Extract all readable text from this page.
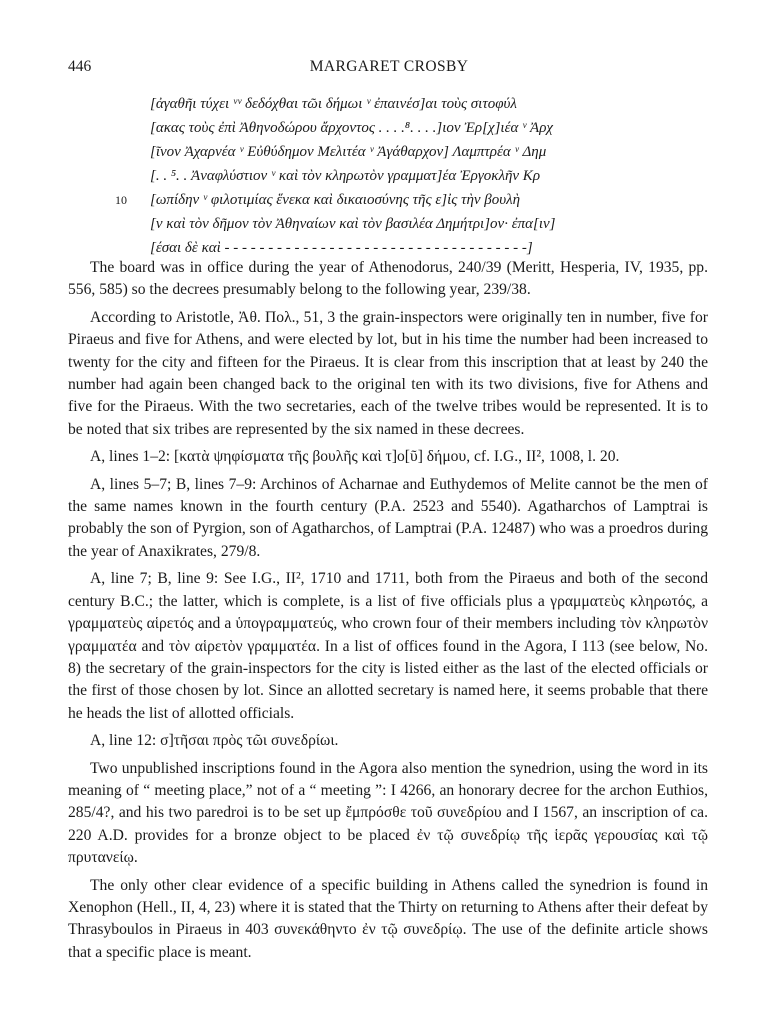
446	MARGARET CROSBY
[ἀγαθῆι τύχει ᵛᵛ δεδόχθαι τῶι δήμωι ᵛ ἐπαινέσ]αι τοὺς σιτοφύλ
[ακας τοὺς ἐπὶ Ἀθηνοδώρου ἄρχοντος . . . .⁸. . . .]ιον Ἐρ[χ]ιέα ᵛ Ἀρχ
[ῖνον Ἀχαρνέα ᵛ Εὐθύδημον Μελιτέα ᵛ Ἀγάθαρχον] Λαμπτρέα ᵛ Δημ
[. . ⁵. . Ἀναφλύστιον ᵛ καὶ τὸν κληρωτὸν γραμματ]έα Ἐργοκλῆν Κρ
10 [ωπίδην ᵛ φιλοτιμίας ἕνεκα καὶ δικαιοσύνης τῆς ε]ἰς τὴν βουλὴ
[ν καὶ τὸν δῆμον τὸν Ἀθηναίων καὶ τὸν βασιλέα Δημήτρι]ον· ἐπα[ιν]
[έσαι δὲ καὶ - - - - - - - - - - - - - - - - - - - - - - - - - - - - - - - - - - -]

The board was in office during the year of Athenodorus, 240/39 (Meritt, Hesperia, IV, 1935, pp. 556, 585) so the decrees presumably belong to the following year, 239/38.

According to Aristotle, Ἀθ. Πολ., 51, 3 the grain-inspectors were originally ten in number, five for Piraeus and five for Athens, and were elected by lot, but in his time the number had been increased to twenty for the city and fifteen for the Piraeus. It is clear from this inscription that at least by 240 the number had again been changed back to the original ten with its two divisions, five for Athens and five for the Piraeus. With the two secretaries, each of the twelve tribes would be represented. It is to be noted that six tribes are represented by the six named in these decrees.

A, lines 1–2: [κατὰ ψηφίσματα τῆς βουλῆς καὶ τ]ο[ῦ] δήμου, cf. I.G., II², 1008, l. 20.

A, lines 5–7; B, lines 7–9: Archinos of Acharnae and Euthydemos of Melite cannot be the men of the same names known in the fourth century (P.A. 2523 and 5540). Agatharchos of Lamptrai is probably the son of Pyrgion, son of Agatharchos, of Lamptrai (P.A. 12487) who was a proedros during the year of Anaxikrates, 279/8.

A, line 7; B, line 9: See I.G., II², 1710 and 1711, both from the Piraeus and both of the second century B.C.; the latter, which is complete, is a list of five officials plus a γραμματεὺς κληρωτός, a γραμματεὺς αἱρετός and a ὑπογραμματεύς, who crown four of their members including τὸν κληρωτὸν γραμματέα and τὸν αἱρετὸν γραμματέα. In a list of offices found in the Agora, I 113 (see below, No. 8) the secretary of the grain-inspectors for the city is listed either as the last of the elected officials or the first of those chosen by lot. Since an allotted secretary is named here, it seems probable that there he heads the list of allotted officials.

A, line 12: σ]τῆσαι πρὸς τῶι συνεδρίωι.

Two unpublished inscriptions found in the Agora also mention the synedrion, using the word in its meaning of “ meeting place,” not of a “ meeting ”: I 4266, an honorary decree for the archon Euthios, 285/4?, and his two paredroi is to be set up ἔμπρόσθε τοῦ συνεδρίου and I 1567, an inscription of ca. 220 A.D. provides for a bronze object to be placed ἐν τῷ συνεδρίῳ τῆς ἱερᾶς γερουσίας καὶ τῷ πρυτανείῳ.

The only other clear evidence of a specific building in Athens called the synedrion is found in Xenophon (Hell., II, 4, 23) where it is stated that the Thirty on returning to Athens after their defeat by Thrasyboulos in Piraeus in 403 συνεκάθηντο ἐν τῷ συνεδρίῳ. The use of the definite article shows that a specific place is meant.
